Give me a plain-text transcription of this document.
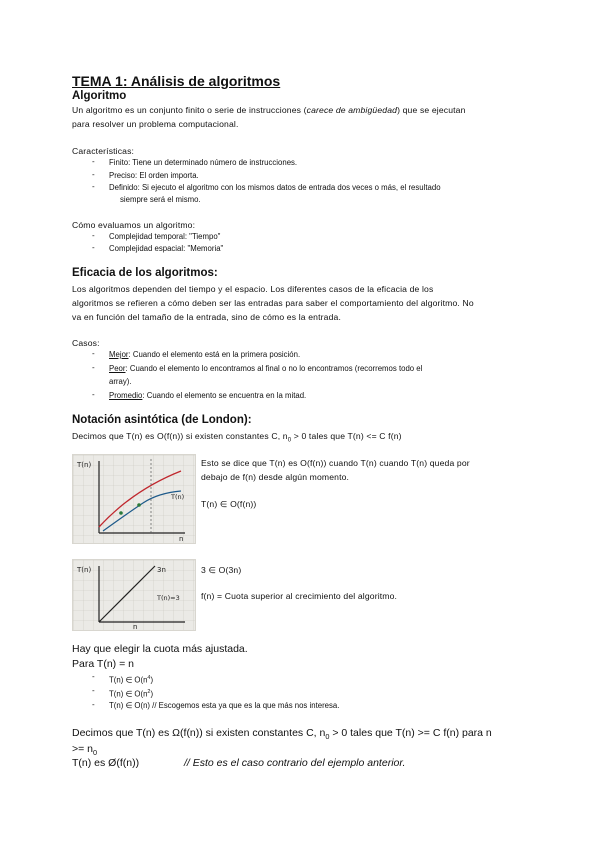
TEMA 1: Análisis de algoritmos
Algoritmo
Un algoritmo es un conjunto finito o serie de instrucciones (carece de ambigüedad) que se ejecutan
para resolver un problema computacional.
Características:
- Finito: Tiene un determinado número de instrucciones.
- Preciso: El orden importa.
- Definido: Si ejecuto el algoritmo con los mismos datos de entrada dos veces o más, el resultado
siempre será el mismo.
Cómo evaluamos un algoritmo:
- Complejidad temporal: "Tiempo"
- Complejidad espacial: "Memoria"
Eficacia de los algoritmos:
Los algoritmos dependen del tiempo y el espacio. Los diferentes casos de la eficacia de los
algoritmos se refieren a cómo deben ser las entradas para saber el comportamiento del algoritmo. No
va en función del tamaño de la entrada, sino de cómo es la entrada.
Casos:
- Mejor: Cuando el elemento está en la primera posición.
- Peor: Cuando el elemento lo encontramos al final o no lo encontramos (recorremos todo el
array).
- Promedio: Cuando el elemento se encuentra en la mitad.
Notación asintótica (de London):
Decimos que T(n) es O(f(n)) si existen constantes C, $n_0 > 0$ tales que T(n) <= C f(n)
T(n)
T(n)
n
Esto se dice que T(n) es O(f(n)) cuando T(n) cuando T(n) queda por
debajo de f(n) desde algún momento.
T(n) ∈ O(f(n))
T(n)	3n
T(n)=3
n
3 ∈ O(3n)
f(n) = Cuota superior al crecimiento del algoritmo.
Hay que elegir la cuota más ajustada.
Para T(n) = n
- T(n) ∈ $O(n^4)$
- T(n) ∈ $O(n^2)$
- T(n) ∈ O(n) // Escogemos esta ya que es la que más nos interesa.
Decimos que T(n) es Ω(f(n)) si existen constantes C, $n_0 > 0$ tales que T(n) >= C f(n) para n
>= $n_0$
T(n) es Ø(f(n))	// Esto es el caso contrario del ejemplo anterior.
